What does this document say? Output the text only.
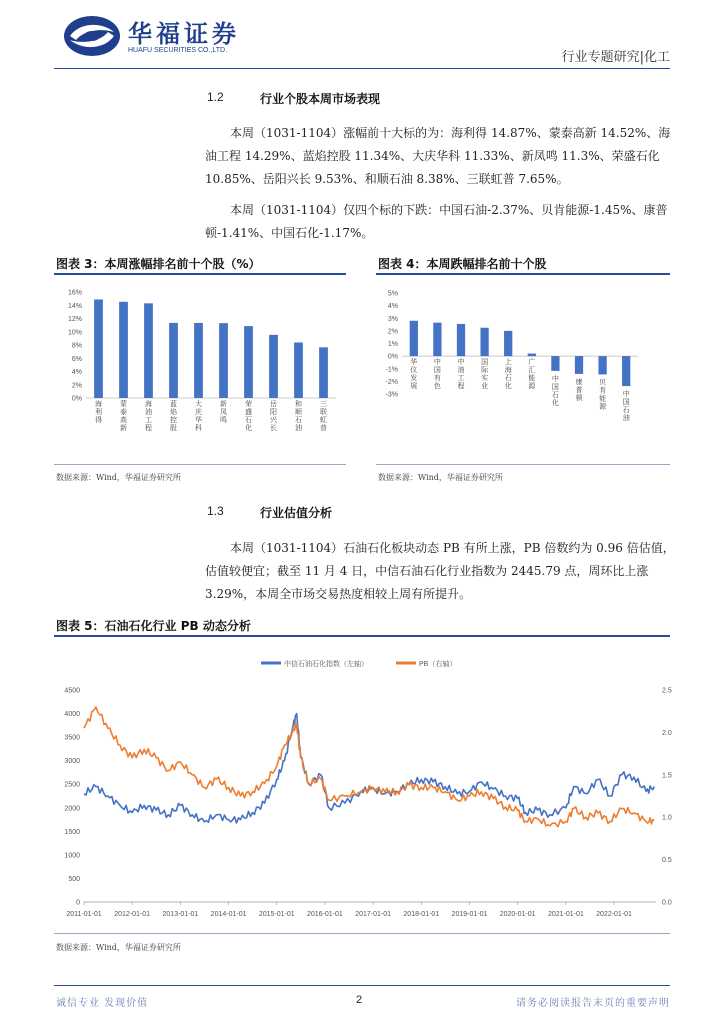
华福证券
HUAFU SECURITIES CO.,LTD.	行业专题研究|化工
1.2	行业个股本周市场表现
本周（1031-1104）涨幅前十大标的为：海利得 14.87%、蒙泰高新 14.52%、海油工程 14.29%、蓝焰控股 11.34%、大庆华科 11.33%、新凤鸣 11.3%、荣盛石化 10.85%、岳阳兴长 9.53%、和顺石油 8.38%、三联虹普 7.65%。
本周（1031-1104）仅四个标的下跌：中国石油-2.37%、贝肯能源-1.45%、康普顿-1.41%、中国石化-1.17%。
图表 3：本周涨幅排名前十个股（%）
0%
2%
4%
6%
8%
10%
12%
14%
16%
海利得
蒙泰高新
海油工程
蓝焰控股
大庆华科
新凤鸣
荣盛石化
岳阳兴长
和顺石油
三联虹普
数据来源：Wind，华福证券研究所
图表 4：本周跌幅排名前十个股
-3%
-2%
-1%
0%
1%
2%
3%
4%
5%
华仪发展
中国有色
中油工程
国际实业
上海石化
广汇能源
中国石化
康普顿
贝肯能源
中国石油
数据来源：Wind，华福证券研究所
1.3	行业估值分析
本周（1031-1104）石油石化板块动态 PB 有所上涨，PB 倍数约为 0.96 倍估值，估值较便宜；截至 11 月 4 日，中信石油石化行业指数为 2445.79 点，周环比上涨 3.29%，本周全市场交易热度相较上周有所提升。
图表 5：石油石化行业 PB 动态分析
中信石油石化指数（左轴）	PB（右轴）
0
500
1000
1500
2000
2500
3000
3500
4000
4500
0.0
0.5
1.0
1.5
2.0
2.5
2011-01-01 2012-01-01 2013-01-01 2014-01-01 2015-01-01 2016-01-01 2017-01-01 2018-01-01 2019-01-01 2020-01-01 2021-01-01 2022-01-01
数据来源：Wind，华福证券研究所
诚信专业 发现价值	2	请务必阅读报告末页的重要声明
